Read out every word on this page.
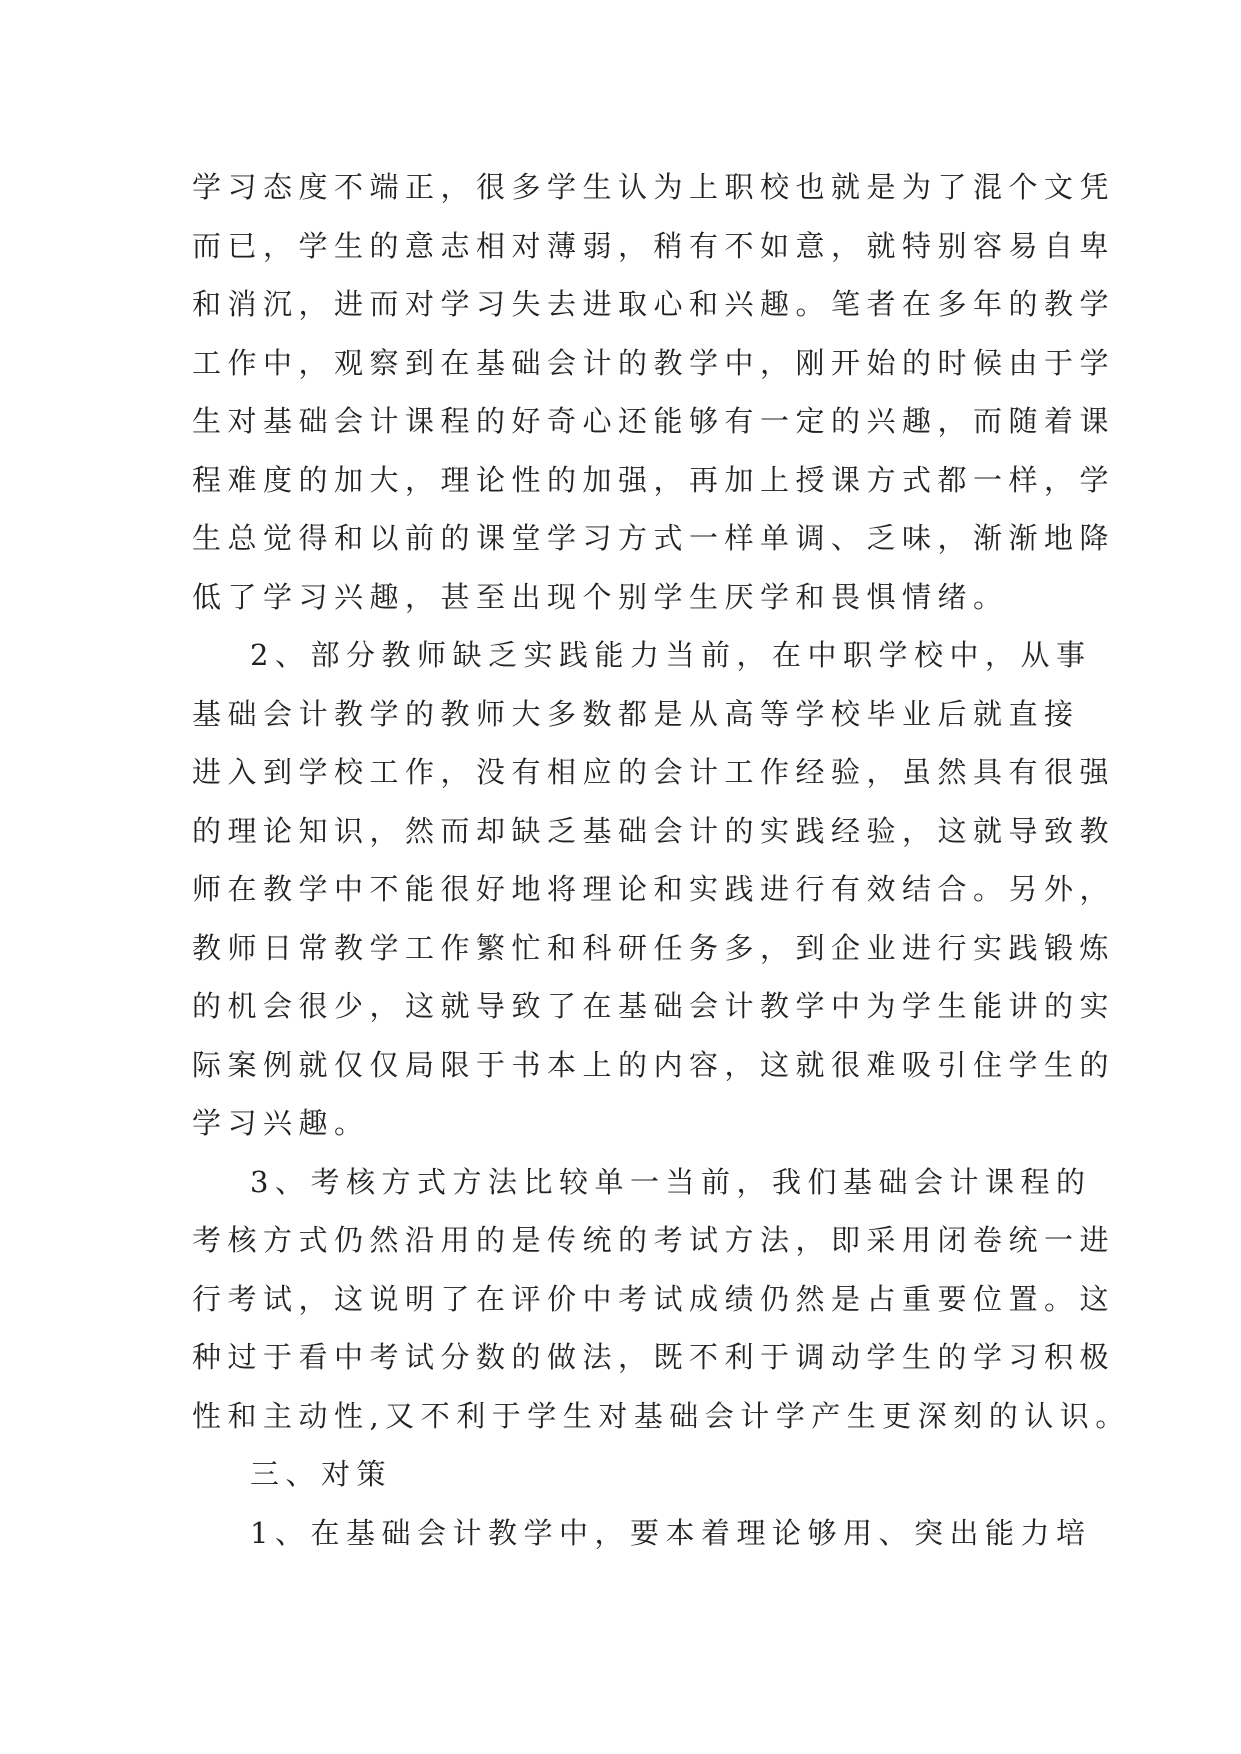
学习态度不端正，很多学生认为上职校也就是为了混个文凭
而已，学生的意志相对薄弱，稍有不如意，就特别容易自卑
和消沉，进而对学习失去进取心和兴趣。笔者在多年的教学
工作中，观察到在基础会计的教学中，刚开始的时候由于学
生对基础会计课程的好奇心还能够有一定的兴趣，而随着课
程难度的加大，理论性的加强，再加上授课方式都一样，学
生总觉得和以前的课堂学习方式一样单调、乏味，渐渐地降
低了学习兴趣，甚至出现个别学生厌学和畏惧情绪。
2、部分教师缺乏实践能力当前，在中职学校中，从事
基础会计教学的教师大多数都是从高等学校毕业后就直接
进入到学校工作，没有相应的会计工作经验，虽然具有很强
的理论知识，然而却缺乏基础会计的实践经验，这就导致教
师在教学中不能很好地将理论和实践进行有效结合。另外，
教师日常教学工作繁忙和科研任务多，到企业进行实践锻炼
的机会很少，这就导致了在基础会计教学中为学生能讲的实
际案例就仅仅局限于书本上的内容，这就很难吸引住学生的
学习兴趣。
3、考核方式方法比较单一当前，我们基础会计课程的
考核方式仍然沿用的是传统的考试方法，即采用闭卷统一进
行考试，这说明了在评价中考试成绩仍然是占重要位置。这
种过于看中考试分数的做法，既不利于调动学生的学习积极
性和主动性,又不利于学生对基础会计学产生更深刻的认识。
三、对策
1、在基础会计教学中，要本着理论够用、突出能力培
